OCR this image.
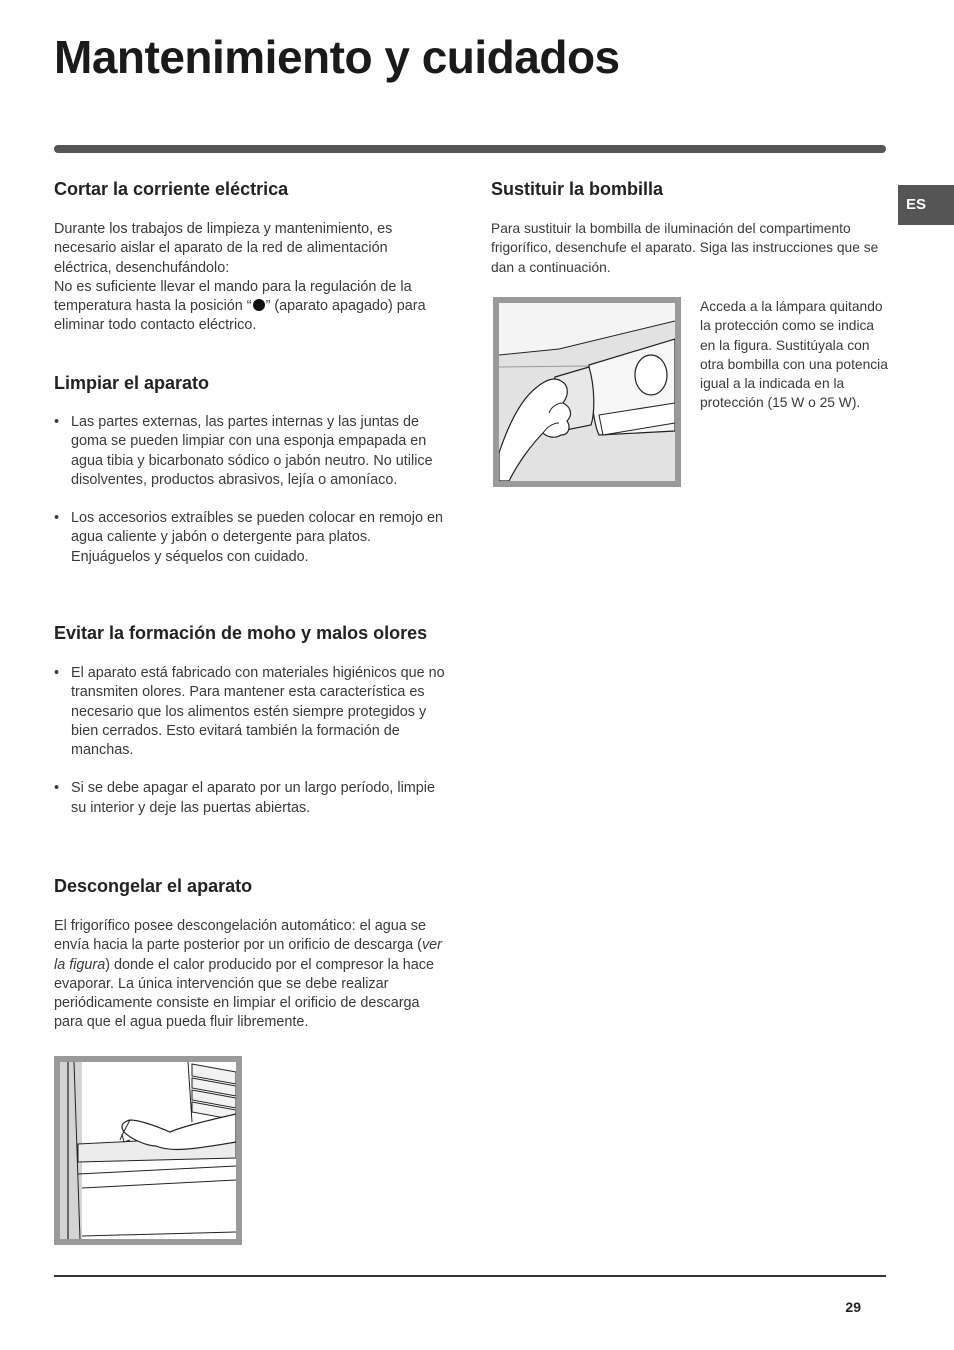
Mantenimiento y cuidados
ES
Cortar la corriente eléctrica

Durante los trabajos de limpieza y mantenimiento, es necesario aislar el aparato de la red de alimentación eléctrica, desenchufándolo:

No es suficiente llevar el mando para la regulación de la temperatura hasta la posición “ ” (aparato apagado) para eliminar todo contacto eléctrico.

Limpiar el aparato
• Las partes externas, las partes internas y las juntas de goma se pueden limpiar con una esponja empapada en agua tibia y bicarbonato sódico o jabón neutro. No utilice disolventes, productos abrasivos, lejía o amoníaco.
• Los accesorios extraíbles se pueden colocar en remojo en agua caliente y jabón o detergente para platos. Enjuáguelos y séquelos con cuidado.
Evitar la formación de moho y malos olores
• El aparato está fabricado con materiales higiénicos que no transmiten olores. Para mantener esta característica es necesario que los alimentos estén siempre protegidos y bien cerrados. Esto evitará también la formación de manchas.
• Si se debe apagar el aparato por un largo período, limpie su interior y deje las puertas abiertas.
Descongelar el aparato

El frigorífico posee descongelación automático: el agua se envía hacia la parte posterior por un orificio de descarga (ver la figura) donde el calor producido por el compresor la hace evaporar. La única intervención que se debe realizar periódicamente consiste en limpiar el orificio de descarga para que el agua pueda fluir libremente.

Sustituir la bombilla

Para sustituir la bombilla de iluminación del compartimento frigorífico, desenchufe el aparato. Siga las instrucciones que se dan a continuación.

Acceda a la lámpara quitando la protección como se indica en la figura. Sustitúyala con otra bombilla con una potencia igual a la indicada en la protección (15 W o 25 W).

29
